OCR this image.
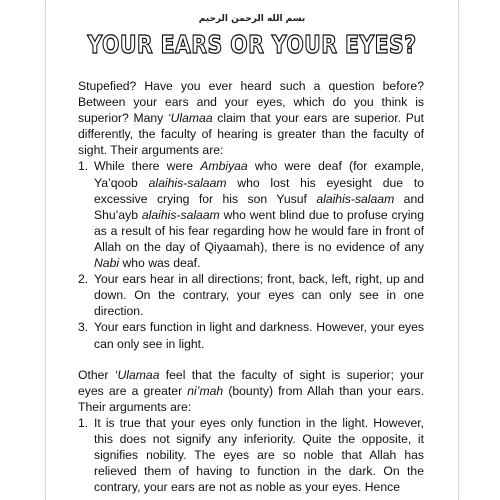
بسم الله الرحمن الرحيم
YOUR EARS OR YOUR EYES?

Stupefied? Have you ever heard such a question before? Between your ears and your eyes, which do you think is superior? Many ‘Ulamaa claim that your ears are superior. Put differently, the faculty of hearing is greater than the faculty of sight. Their arguments are:

1. While there were Ambiyaa who were deaf (for example, Ya’qoob alaihis-salaam who lost his eyesight due to excessive crying for his son Yusuf alaihis-salaam and Shu’ayb alaihis-salaam who went blind due to profuse crying as a result of his fear regarding how he would fare in front of Allah on the day of Qiyaamah), there is no evidence of any Nabi who was deaf.
2. Your ears hear in all directions; front, back, left, right, up and down. On the contrary, your eyes can only see in one direction.
3. Your ears function in light and darkness. However, your eyes can only see in light.

Other ‘Ulamaa feel that the faculty of sight is superior; your eyes are a greater ni’mah (bounty) from Allah than your ears. Their arguments are:

1. It is true that your eyes only function in the light. However, this does not signify any inferiority. Quite the opposite, it signifies nobility. The eyes are so noble that Allah has relieved them of having to function in the dark. On the contrary, your ears are not as noble as your eyes. Hence
